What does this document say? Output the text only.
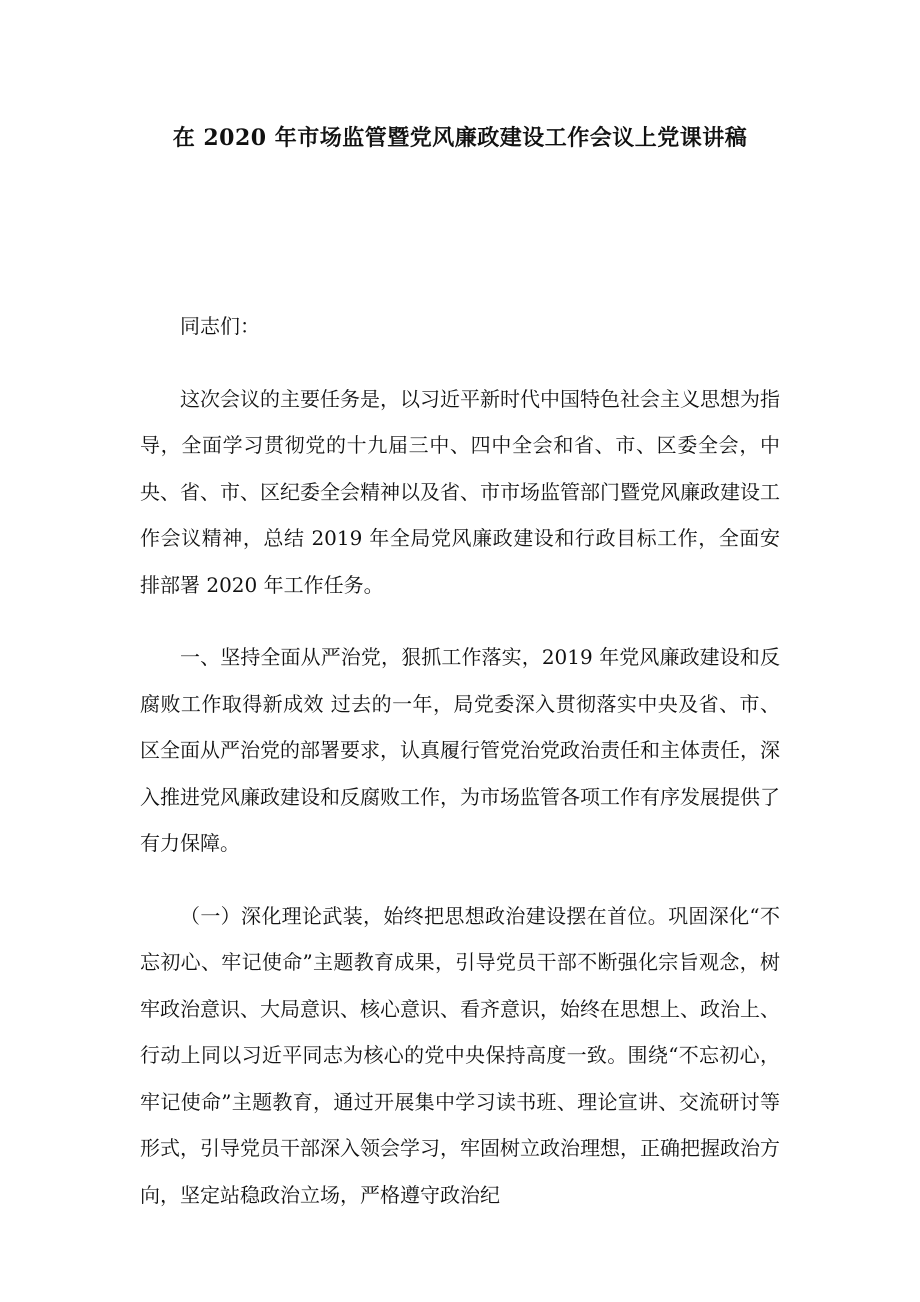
在 2020 年市场监管暨党风廉政建设工作会议上党课讲稿

同志们：

这次会议的主要任务是，以习近平新时代中国特色社会主义思想为指导，全面学习贯彻党的十九届三中、四中全会和省、市、区委全会，中央、省、市、区纪委全会精神以及省、市市场监管部门暨党风廉政建设工作会议精神，总结 2019 年全局党风廉政建设和行政目标工作，全面安排部署 2020 年工作任务。

一、坚持全面从严治党，狠抓工作落实，2019 年党风廉政建设和反腐败工作取得新成效 过去的一年，局党委深入贯彻落实中央及省、市、区全面从严治党的部署要求，认真履行管党治党政治责任和主体责任，深入推进党风廉政建设和反腐败工作，为市场监管各项工作有序发展提供了有力保障。

（一）深化理论武装，始终把思想政治建设摆在首位。巩固深化“不忘初心、牢记使命”主题教育成果，引导党员干部不断强化宗旨观念，树牢政治意识、大局意识、核心意识、看齐意识，始终在思想上、政治上、行动上同以习近平同志为核心的党中央保持高度一致。围绕“不忘初心，牢记使命”主题教育，通过开展集中学习读书班、理论宣讲、交流研讨等形式，引导党员干部深入领会学习，牢固树立政治理想，正确把握政治方向，坚定站稳政治立场，严格遵守政治纪
